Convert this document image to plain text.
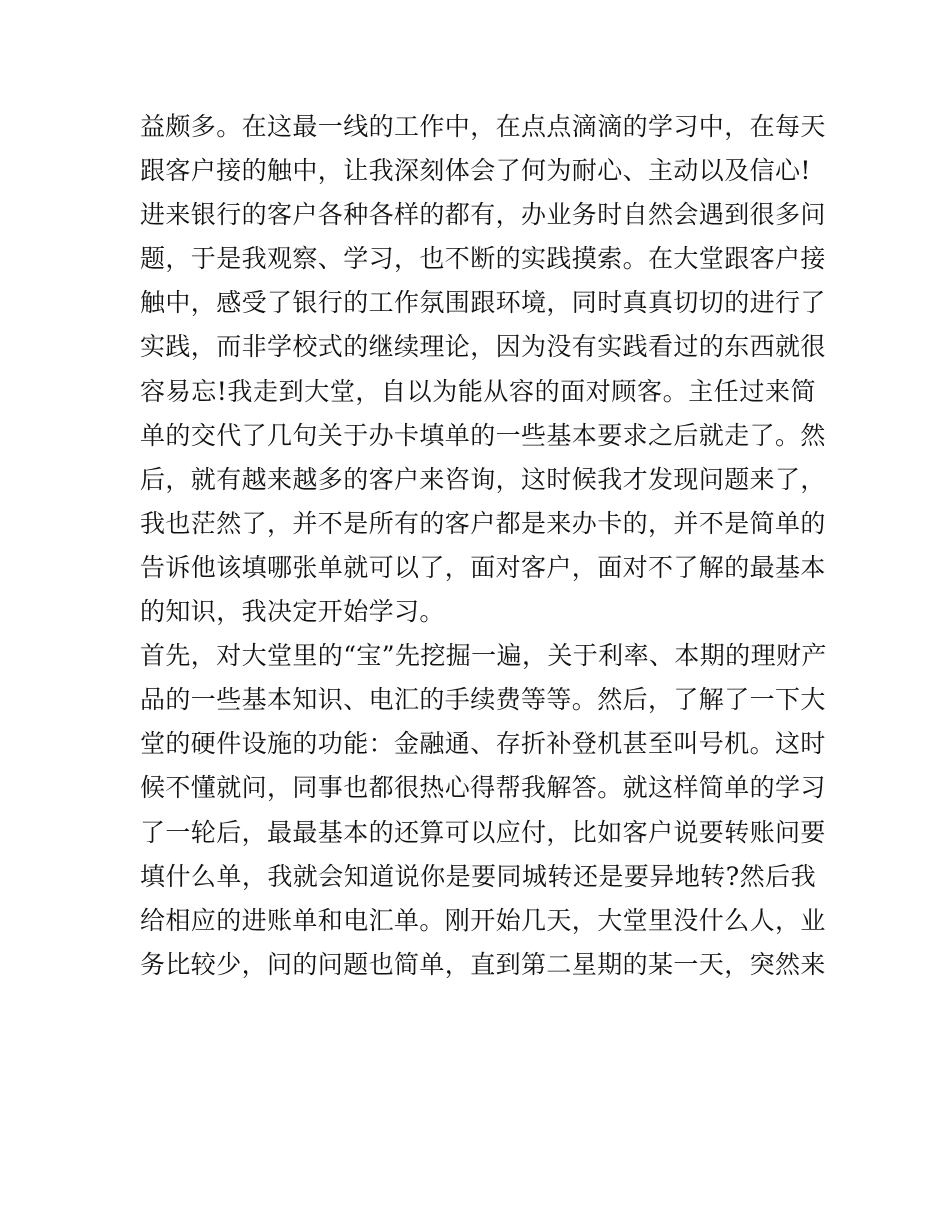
益颇多。在这最一线的工作中，在点点滴滴的学习中，在每天
跟客户接的触中，让我深刻体会了何为耐心、主动以及信心!
进来银行的客户各种各样的都有，办业务时自然会遇到很多问
题，于是我观察、学习，也不断的实践摸索。在大堂跟客户接
触中，感受了银行的工作氛围跟环境，同时真真切切的进行了
实践，而非学校式的继续理论，因为没有实践看过的东西就很
容易忘!我走到大堂，自以为能从容的面对顾客。主任过来简
单的交代了几句关于办卡填单的一些基本要求之后就走了。然
后，就有越来越多的客户来咨询，这时候我才发现问题来了，
我也茫然了，并不是所有的客户都是来办卡的，并不是简单的
告诉他该填哪张单就可以了，面对客户，面对不了解的最基本
的知识，我决定开始学习。
首先，对大堂里的“宝”先挖掘一遍，关于利率、本期的理财产
品的一些基本知识、电汇的手续费等等。然后，了解了一下大
堂的硬件设施的功能：金融通、存折补登机甚至叫号机。这时
候不懂就问，同事也都很热心得帮我解答。就这样简单的学习
了一轮后，最最基本的还算可以应付，比如客户说要转账问要
填什么单，我就会知道说你是要同城转还是要异地转?然后我
给相应的进账单和电汇单。刚开始几天，大堂里没什么人，业
务比较少，问的问题也简单，直到第二星期的某一天，突然来
